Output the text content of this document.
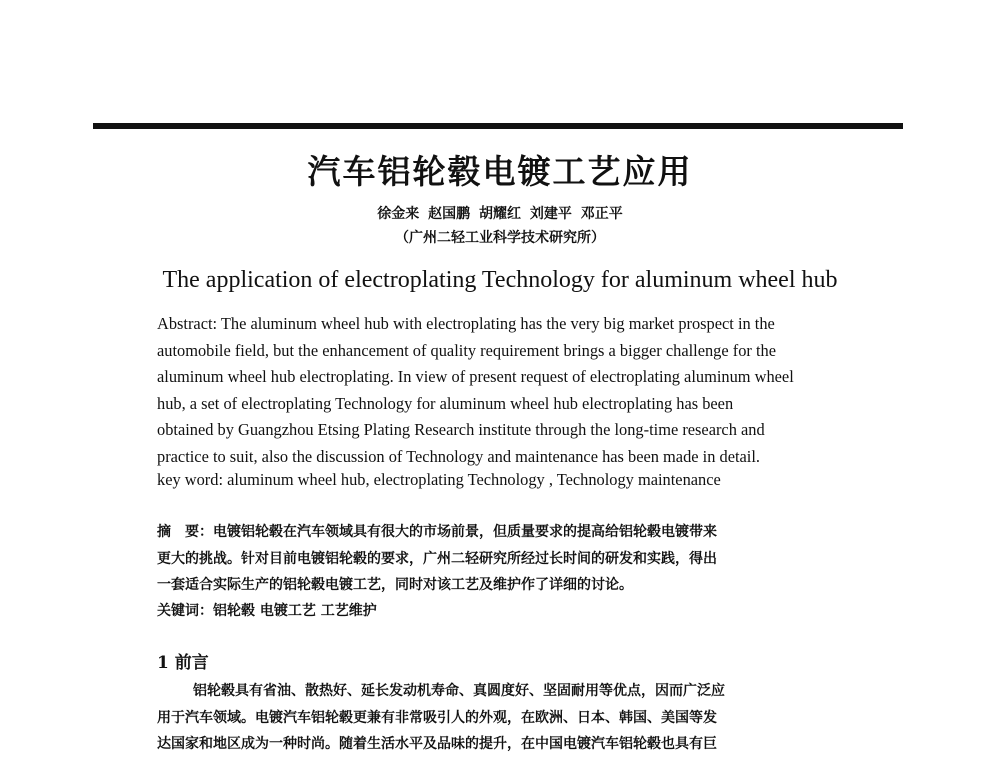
汽车铝轮毂电镀工艺应用
徐金来 赵国鹏 胡耀红 刘建平 邓正平
（广州二轻工业科学技术研究所）
The application of electroplating Technology for aluminum wheel hub
Abstract: The aluminum wheel hub with electroplating has the very big market prospect in the
automobile field, but the enhancement of quality requirement brings a bigger challenge for the
aluminum wheel hub electroplating. In view of present request of electroplating aluminum wheel
hub, a set of electroplating Technology for aluminum wheel hub electroplating has been
obtained by Guangzhou Etsing Plating Research institute through the long-time research and
practice to suit, also the discussion of Technology and maintenance has been made in detail.
key word: aluminum wheel hub, electroplating Technology , Technology maintenance
摘　要：电镀铝轮毂在汽车领域具有很大的市场前景，但质量要求的提高给铝轮毂电镀带来
更大的挑战。针对目前电镀铝轮毂的要求，广州二轻研究所经过长时间的研发和实践，得出
一套适合实际生产的铝轮毂电镀工艺，同时对该工艺及维护作了详细的讨论。
关键词：铝轮毂 电镀工艺 工艺维护
1 前言
铝轮毂具有省油、散热好、延长发动机寿命、真圆度好、坚固耐用等优点，因而广泛应
用于汽车领域。电镀汽车铝轮毂更兼有非常吸引人的外观，在欧洲、日本、韩国、美国等发
达国家和地区成为一种时尚。随着生活水平及品味的提升，在中国电镀汽车铝轮毂也具有巨
